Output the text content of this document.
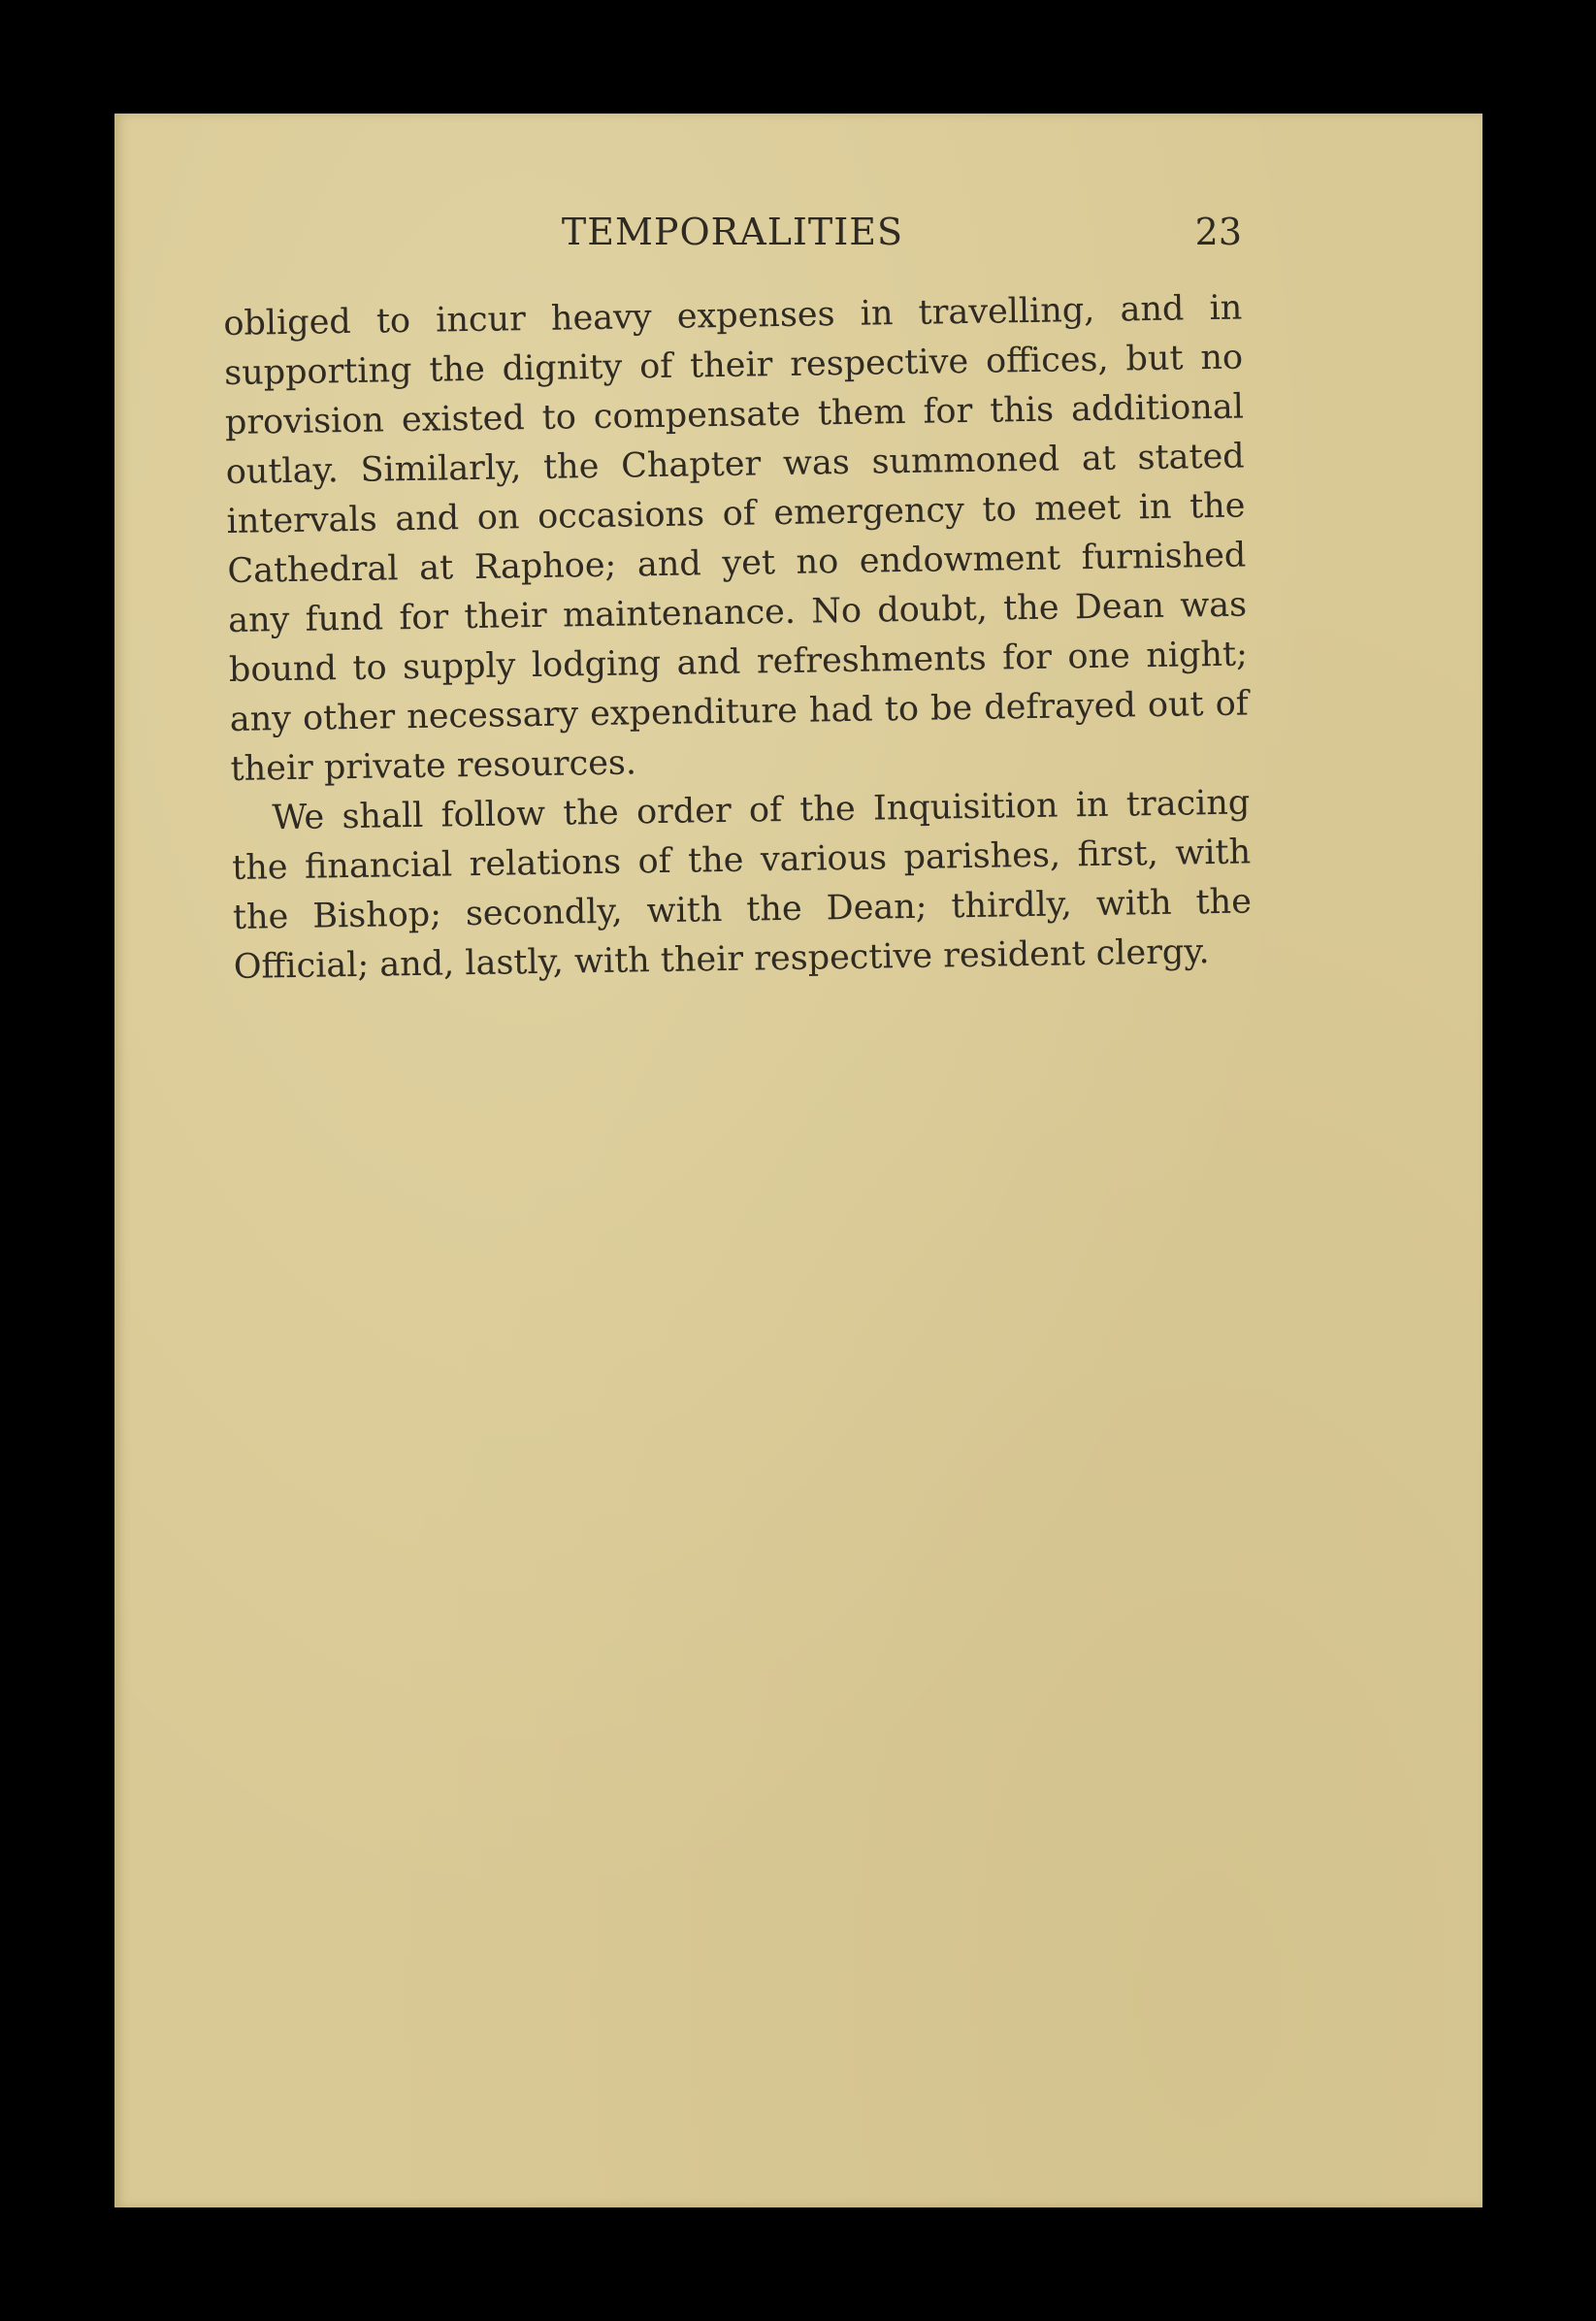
TEMPORALITIES	23

obliged to incur heavy expenses in travelling, and in supporting the dignity of their respective offices, but no provision existed to compensate them for this additional outlay. Similarly, the Chapter was summoned at stated intervals and on occasions of emergency to meet in the Cathedral at Raphoe; and yet no endowment furnished any fund for their maintenance. No doubt, the Dean was bound to supply lodging and refreshments for one night; any other necessary expenditure had to be defrayed out of their private resources.

We shall follow the order of the Inquisition in tracing the financial relations of the various parishes, first, with the Bishop; secondly, with the Dean; thirdly, with the Official; and, lastly, with their respective resident clergy.
